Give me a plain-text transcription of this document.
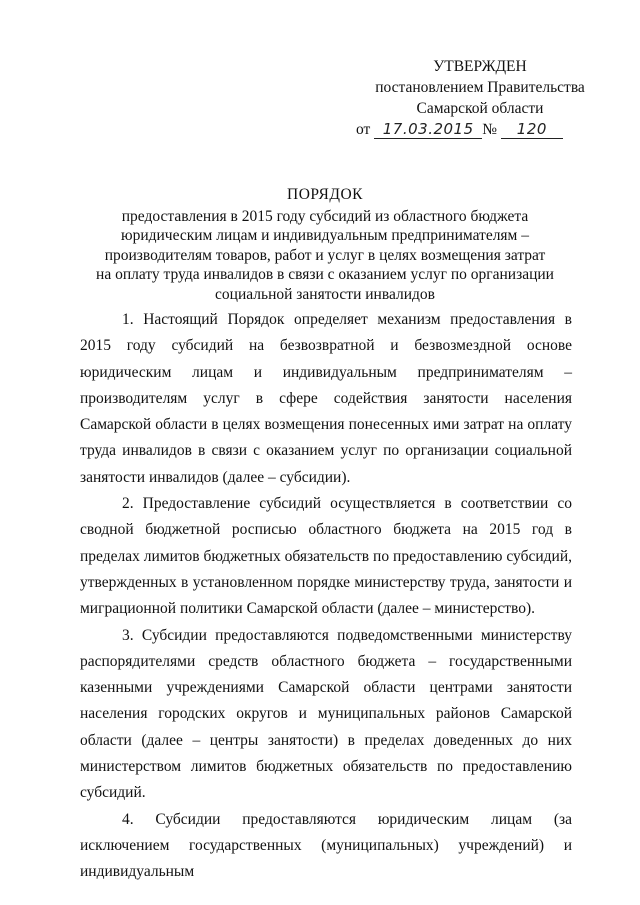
УТВЕРЖДЕН
постановлением Правительства
Самарской области
от 17.03.2015 № 120
ПОРЯДОК
предоставления в 2015 году субсидий из областного бюджета
юридическим лицам и индивидуальным предпринимателям –
производителям товаров, работ и услуг в целях возмещения затрат
на оплату труда инвалидов в связи с оказанием услуг по организации
социальной занятости инвалидов

1. Настоящий Порядок определяет механизм предоставления в 2015 году субсидий на безвозвратной и безвозмездной основе юридическим лицам и индивидуальным предпринимателям – производителям услуг в сфере содействия занятости населения Самарской области в целях возмещения понесенных ими затрат на оплату труда инвалидов в связи с оказанием услуг по организации социальной занятости инвалидов (далее – субсидии).

2. Предоставление субсидий осуществляется в соответствии со сводной бюджетной росписью областного бюджета на 2015 год в пределах лимитов бюджетных обязательств по предоставлению субсидий, утвержденных в установленном порядке министерству труда, занятости и миграционной политики Самарской области (далее – министерство).

3. Субсидии предоставляются подведомственными министерству распорядителями средств областного бюджета – государственными казенными учреждениями Самарской области центрами занятости населения городских округов и муниципальных районов Самарской области (далее – центры занятости) в пределах доведенных до них министерством лимитов бюджетных обязательств по предоставлению субсидий.

4. Субсидии предоставляются юридическим лицам (за исключением государственных (муниципальных) учреждений) и индивидуальным
